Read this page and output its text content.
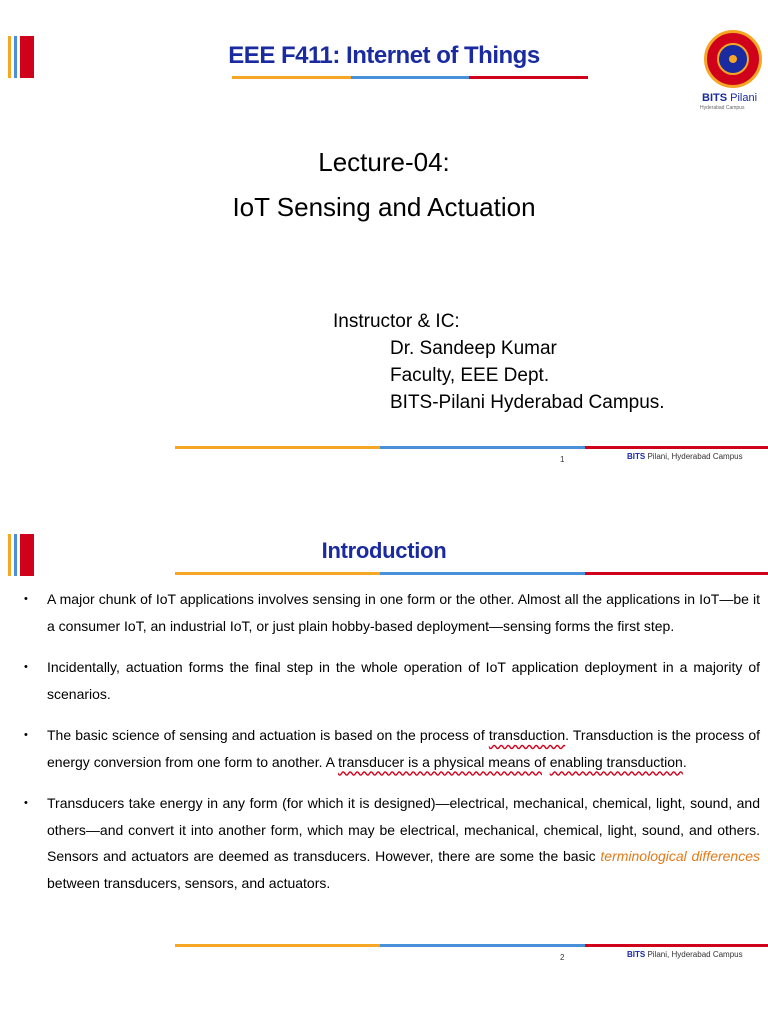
EEE F411: Internet of Things
BITS Pilani
Hyderabad Campus
Lecture-04:
IoT Sensing and Actuation
Instructor & IC:
Dr. Sandeep Kumar
Faculty, EEE Dept.
BITS-Pilani Hyderabad Campus.
1	BITS Pilani, Hyderabad Campus
Introduction
• A major chunk of IoT applications involves sensing in one form or the other. Almost all the applications in IoT—be it a consumer IoT, an industrial IoT, or just plain hobby-based deployment—sensing forms the first step.
• Incidentally, actuation forms the final step in the whole operation of IoT application deployment in a majority of scenarios.
• The basic science of sensing and actuation is based on the process of transduction. Transduction is the process of energy conversion from one form to another. A transducer is a physical means of enabling transduction.
• Transducers take energy in any form (for which it is designed)—electrical, mechanical, chemical, light, sound, and others—and convert it into another form, which may be electrical, mechanical, chemical, light, sound, and others. Sensors and actuators are deemed as transducers. However, there are some the basic terminological differences between transducers, sensors, and actuators.
2	BITS Pilani, Hyderabad Campus
